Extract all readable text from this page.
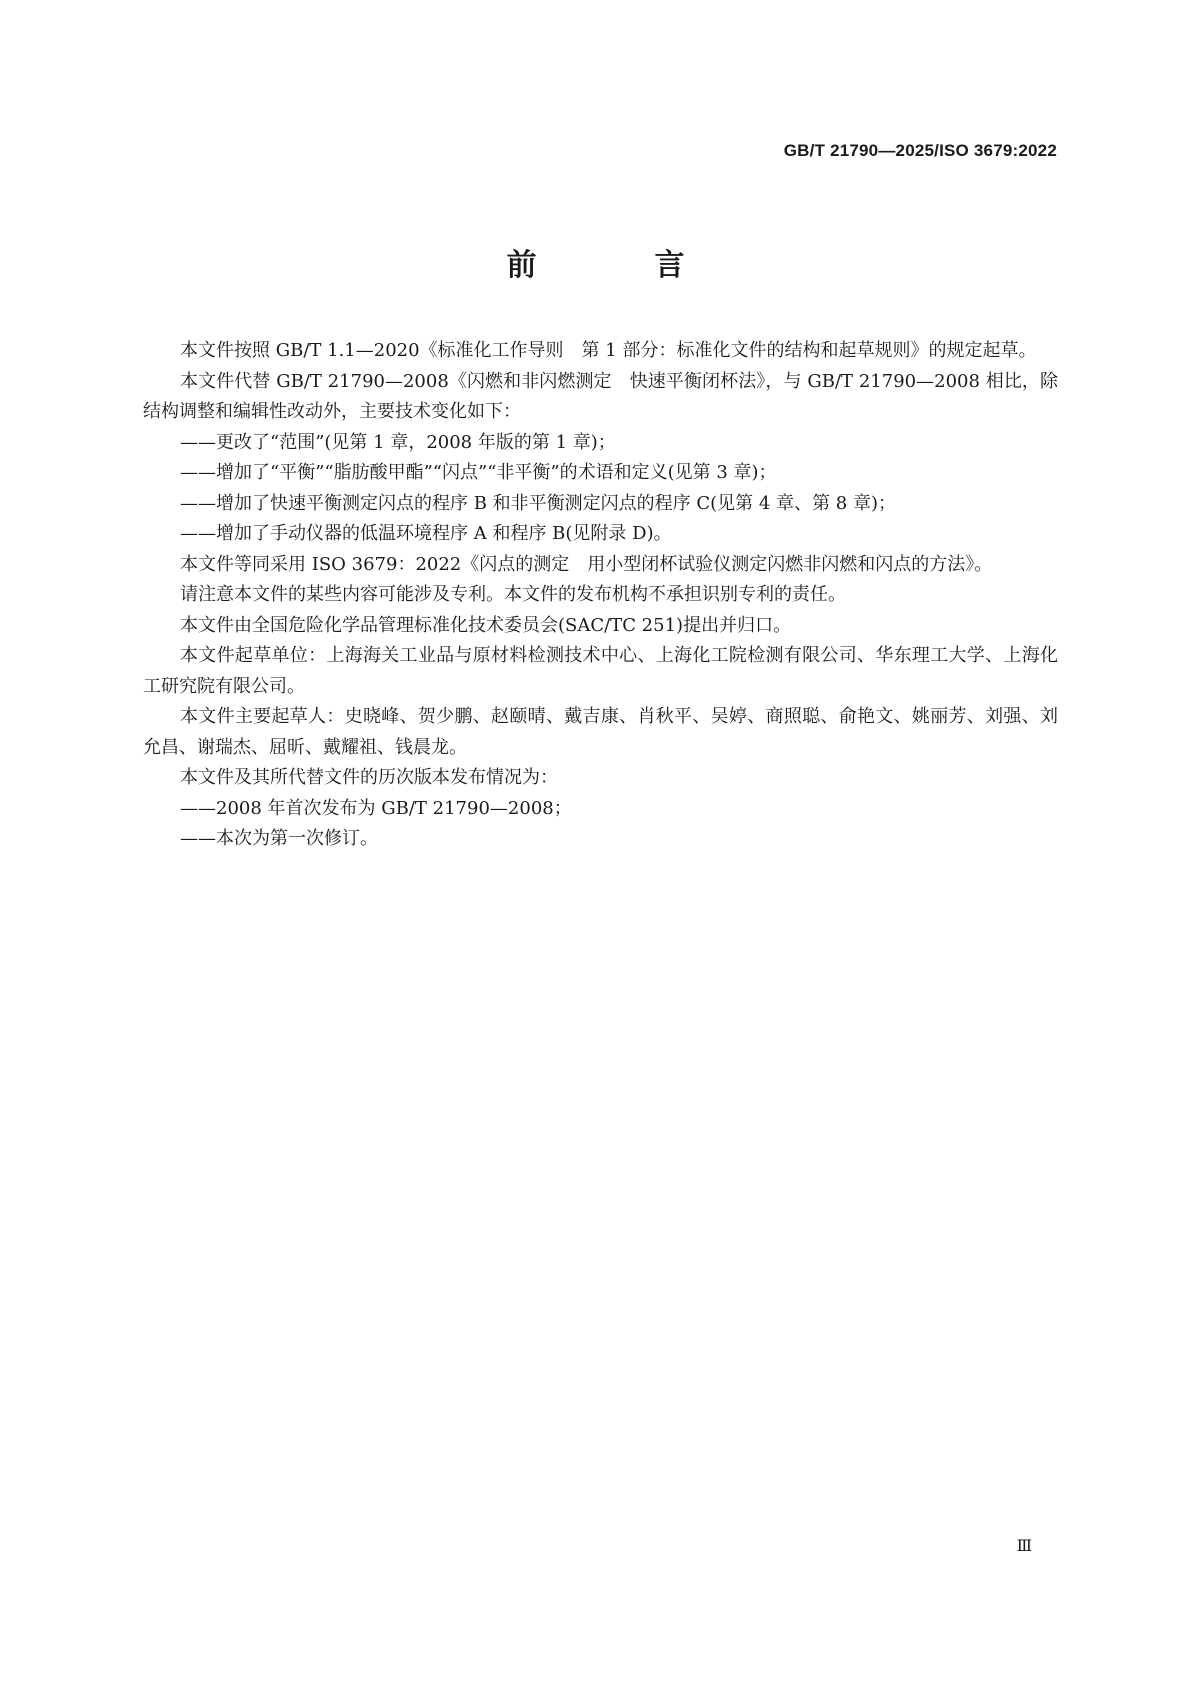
GB/T 21790—2025/ISO 3679:2022
前　言

本文件按照 GB/T 1.1—2020《标准化工作导则　第 1 部分：标准化文件的结构和起草规则》的规定起草。

本文件代替 GB/T 21790—2008《闪燃和非闪燃测定　快速平衡闭杯法》，与 GB/T 21790—2008 相比，除结构调整和编辑性改动外，主要技术变化如下：

——更改了“范围”(见第 1 章，2008 年版的第 1 章)；

——增加了“平衡”“脂肪酸甲酯”“闪点”“非平衡”的术语和定义(见第 3 章)；

——增加了快速平衡测定闪点的程序 B 和非平衡测定闪点的程序 C(见第 4 章、第 8 章)；

——增加了手动仪器的低温环境程序 A 和程序 B(见附录 D)。

本文件等同采用 ISO 3679：2022《闪点的测定　用小型闭杯试验仪测定闪燃非闪燃和闪点的方法》。

请注意本文件的某些内容可能涉及专利。本文件的发布机构不承担识别专利的责任。

本文件由全国危险化学品管理标准化技术委员会(SAC/TC 251)提出并归口。

本文件起草单位：上海海关工业品与原材料检测技术中心、上海化工院检测有限公司、华东理工大学、上海化工研究院有限公司。

本文件主要起草人：史晓峰、贺少鹏、赵颐晴、戴吉康、肖秋平、吴婷、商照聪、俞艳文、姚丽芳、刘强、刘允昌、谢瑞杰、屈昕、戴耀祖、钱晨龙。

本文件及其所代替文件的历次版本发布情况为：

——2008 年首次发布为 GB/T 21790—2008；

——本次为第一次修订。

Ⅲ
